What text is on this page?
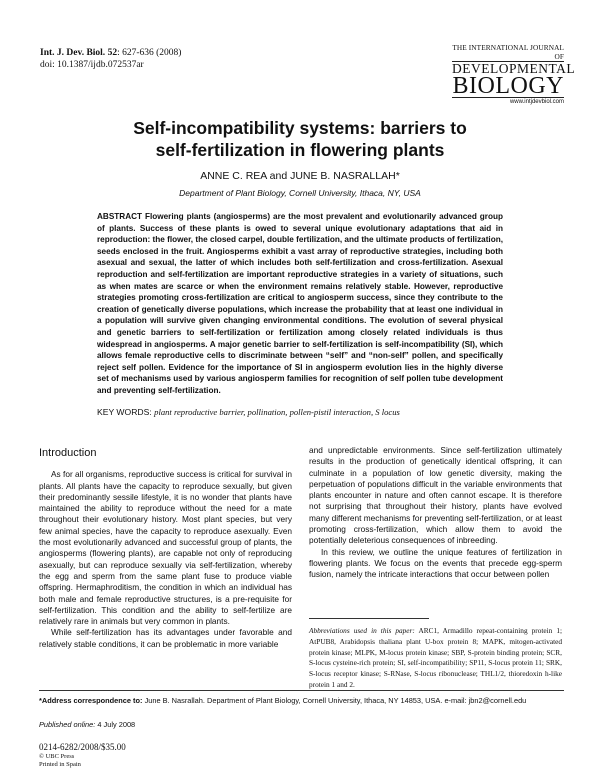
Int. J. Dev. Biol. 52: 627-636 (2008)
doi: 10.1387/ijdb.072537ar
THE INTERNATIONAL JOURNAL OF
DEVELOPMENTAL
BIOLOGY
www.intjdevbiol.com
Self-incompatibility systems: barriers to
self-fertilization in flowering plants
ANNE C. REA and JUNE B. NASRALLAH*
Department of Plant Biology, Cornell University, Ithaca, NY, USA
ABSTRACT Flowering plants (angiosperms) are the most prevalent and evolutionarily advanced group of plants. Success of these plants is owed to several unique evolutionary adaptations that aid in reproduction: the flower, the closed carpel, double fertilization, and the ultimate products of fertilization, seeds enclosed in the fruit. Angiosperms exhibit a vast array of reproductive strategies, including both asexual and sexual, the latter of which includes both self-fertilization and cross-fertilization. Asexual reproduction and self-fertilization are important reproductive strategies in a variety of situations, such as when mates are scarce or when the environment remains relatively stable. However, reproductive strategies promoting cross-fertilization are critical to angiosperm success, since they contribute to the creation of genetically diverse populations, which increase the probability that at least one individual in a population will survive given changing environmental conditions. The evolution of several physical and genetic barriers to self-fertilization or fertilization among closely related individuals is thus widespread in angiosperms. A major genetic barrier to self-fertilization is self-incompatibility (SI), which allows female reproductive cells to discriminate between “self” and “non-self” pollen, and specifically reject self pollen. Evidence for the importance of SI in angiosperm evolution lies in the highly diverse set of mechanisms used by various angiosperm families for recognition of self pollen tube development and preventing self-fertilization.
KEY WORDS: plant reproductive barrier, pollination, pollen-pistil interaction, S locus
Introduction

As for all organisms, reproductive success is critical for survival in plants. All plants have the capacity to reproduce sexually, but given their predominantly sessile lifestyle, it is no wonder that plants have maintained the ability to reproduce without the need for a mate throughout their evolutionary history. Most plant species, but very few animal species, have the capacity to reproduce asexually. Even the most evolutionarily advanced and successful group of plants, the angiosperms (flowering plants), are capable not only of reproducing asexually, but can reproduce sexually via self-fertilization, whereby the egg and sperm from the same plant fuse to produce viable offspring. Hermaphroditism, the condition in which an individual has both male and female reproductive structures, is a pre-requisite for self-fertilization. This condition and the ability to self-fertilize are relatively rare in animals but very common in plants.

While self-fertilization has its advantages under favorable and relatively stable conditions, it can be problematic in more variable

and unpredictable environments. Since self-fertilization ultimately results in the production of genetically identical offspring, it can culminate in a population of low genetic diversity, making the perpetuation of populations difficult in the variable environments that plants encounter in nature and often cannot escape. It is therefore not surprising that throughout their history, plants have evolved many different mechanisms for preventing self-fertilization, or at least promoting cross-fertilization, which allow them to avoid the potentially deleterious consequences of inbreeding.

In this review, we outline the unique features of fertilization in flowering plants. We focus on the events that precede egg-sperm fusion, namely the intricate interactions that occur between pollen

Abbreviations used in this paper: ARC1, Armadillo repeat-containing protein 1; AtPUB8, Arabidopsis thaliana plant U-box protein 8; MAPK, mitogen-activated protein kinase; MLPK, M-locus protein kinase; SBP, S-protein binding protein; SCR, S-locus cysteine-rich protein; SI, self-incompatibility; SP11, S-locus protein 11; SRK, S-locus receptor kinase; S-RNase, S-locus ribonuclease; THL1/2, thioredoxin h-like protein 1 and 2.
*Address correspondence to: June B. Nasrallah. Department of Plant Biology, Cornell University, Ithaca, NY 14853, USA. e-mail: jbn2@cornell.edu
Published online: 4 July 2008
0214-6282/2008/$35.00
© UBC Press
Printed in Spain
